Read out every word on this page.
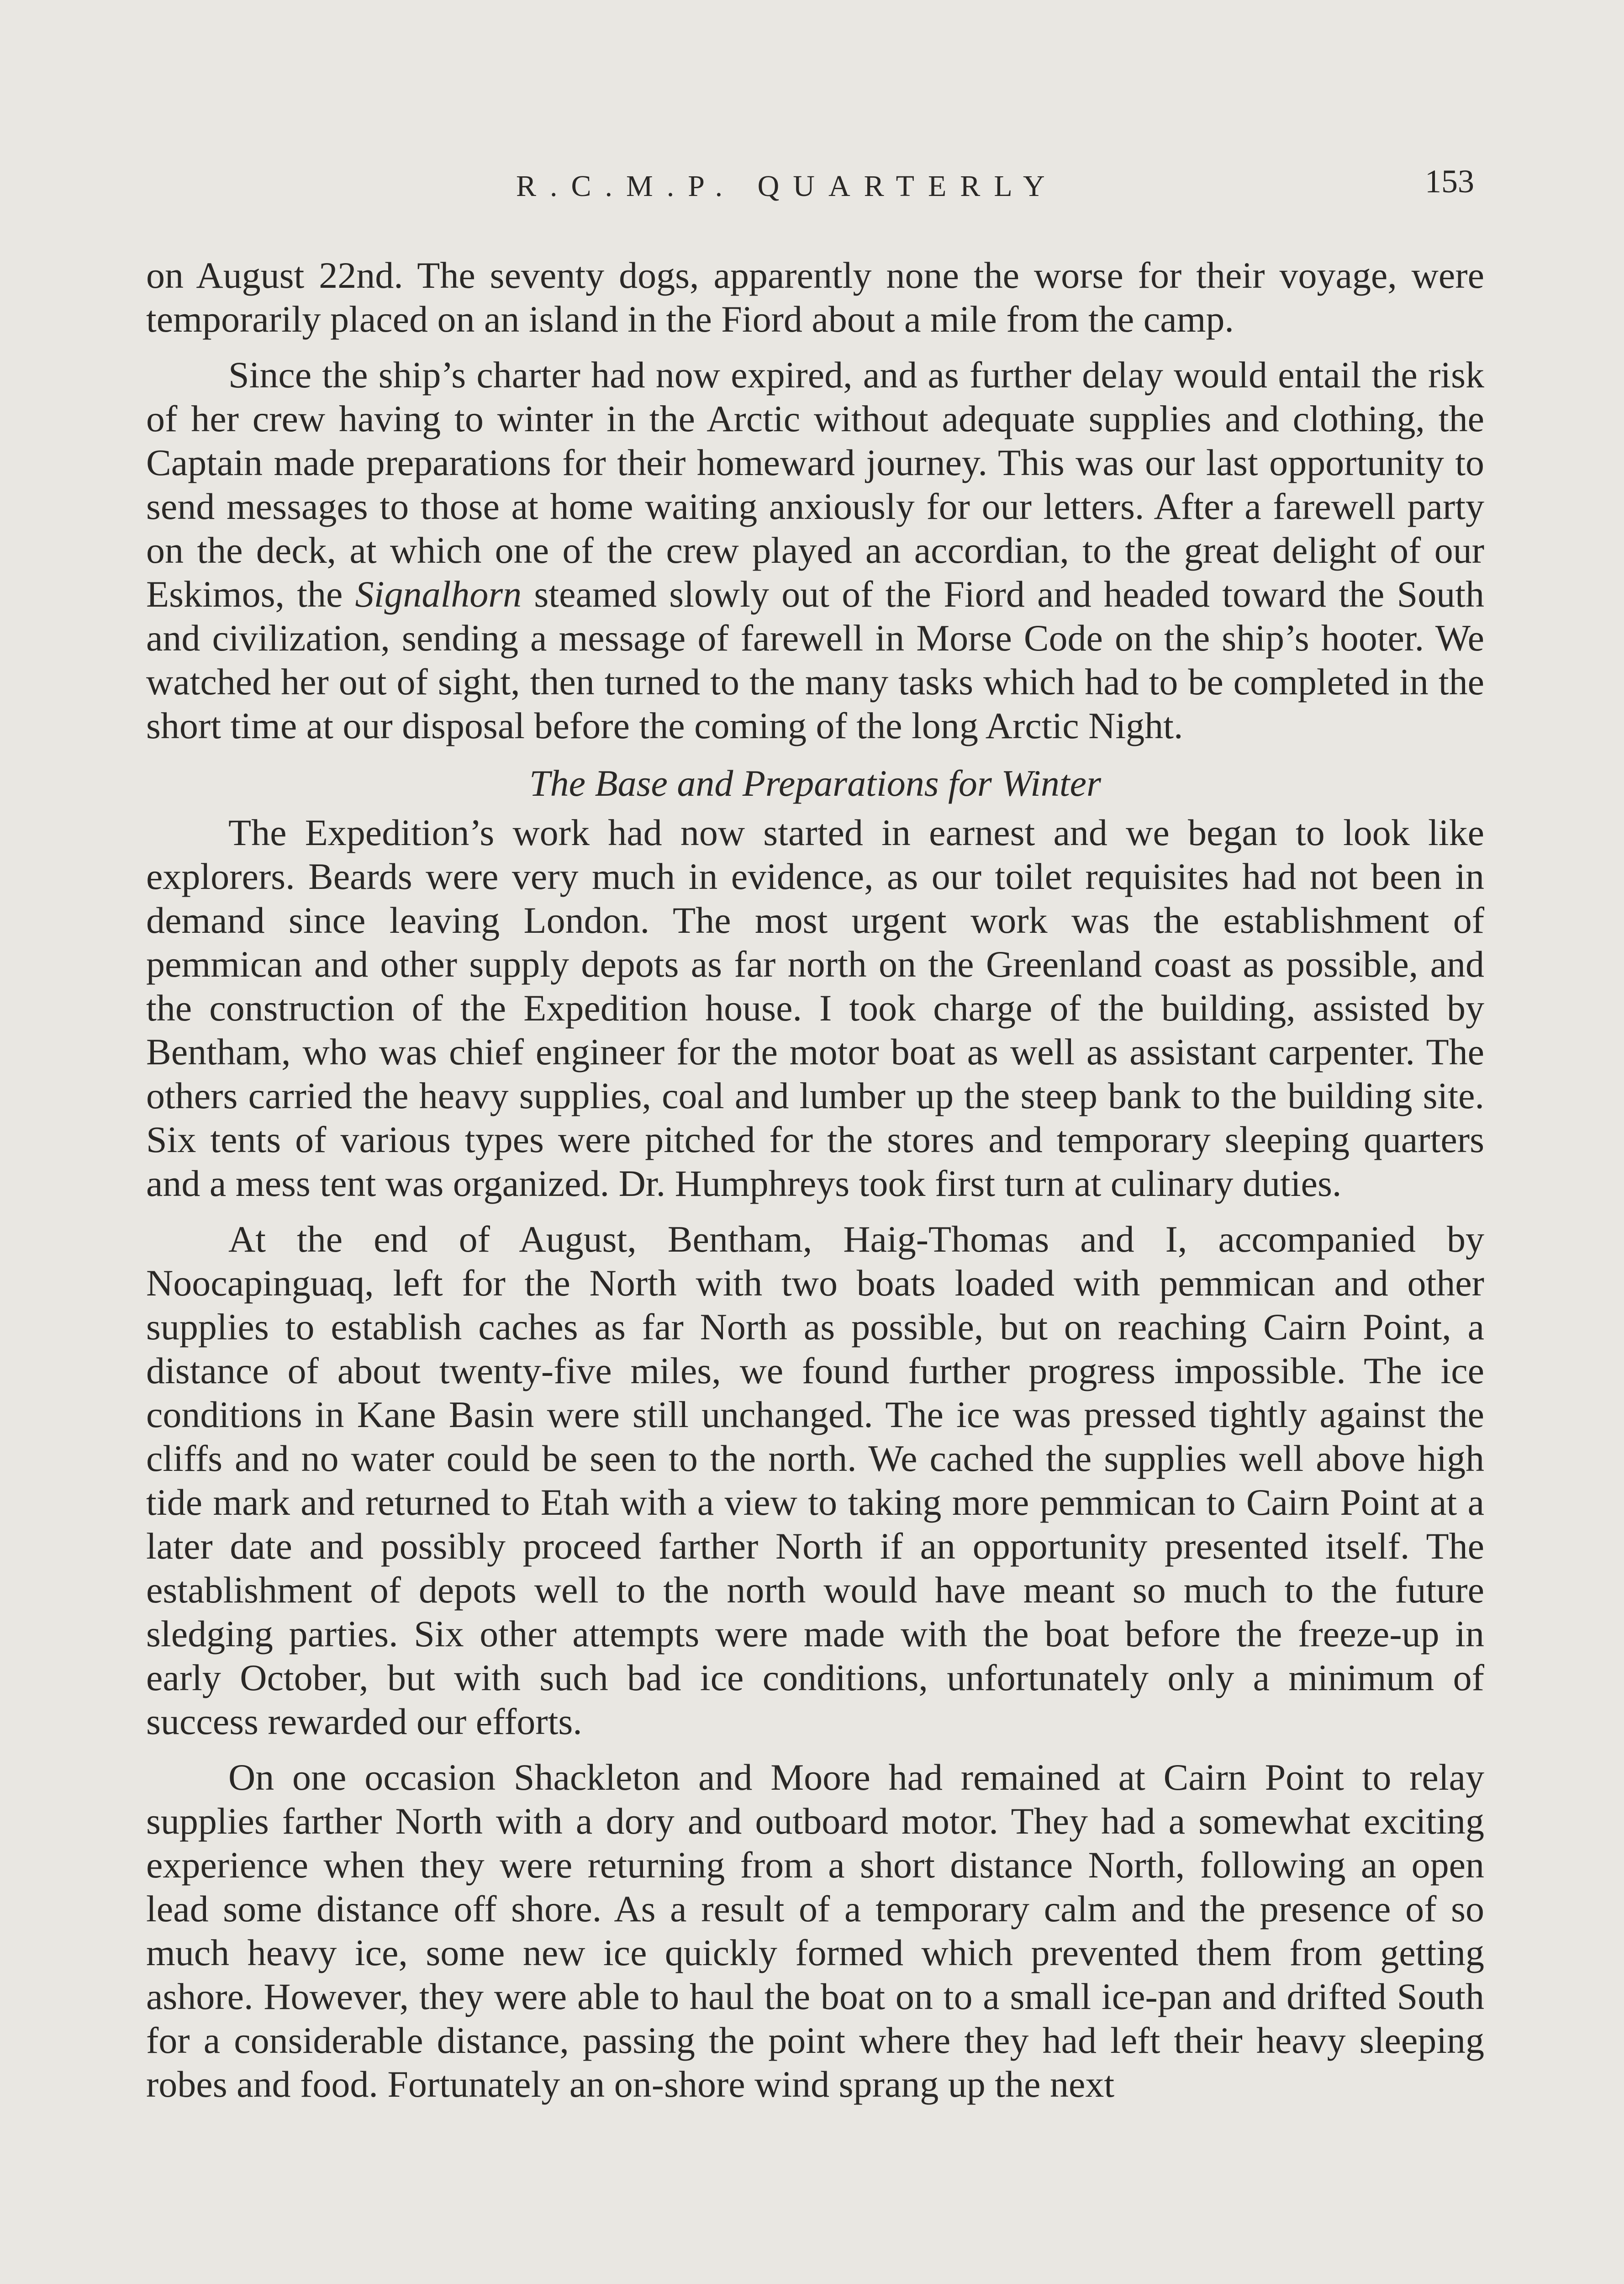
R.C.M.P. QUARTERLY	153

on August 22nd. The seventy dogs, apparently none the worse for their voyage, were temporarily placed on an island in the Fiord about a mile from the camp.

Since the ship’s charter had now expired, and as further delay would entail the risk of her crew having to winter in the Arctic without adequate supplies and clothing, the Captain made preparations for their homeward journey. This was our last opportunity to send messages to those at home waiting anxiously for our letters. After a farewell party on the deck, at which one of the crew played an accordian, to the great delight of our Eskimos, the Signalhorn steamed slowly out of the Fiord and headed toward the South and civilization, sending a message of farewell in Morse Code on the ship’s hooter. We watched her out of sight, then turned to the many tasks which had to be completed in the short time at our disposal before the coming of the long Arctic Night.

The Base and Preparations for Winter

The Expedition’s work had now started in earnest and we began to look like explorers. Beards were very much in evidence, as our toilet requisites had not been in demand since leaving London. The most urgent work was the establishment of pemmican and other supply depots as far north on the Greenland coast as possible, and the construction of the Expedition house. I took charge of the building, assisted by Bentham, who was chief engineer for the motor boat as well as assistant carpenter. The others carried the heavy supplies, coal and lumber up the steep bank to the building site. Six tents of various types were pitched for the stores and temporary sleeping quarters and a mess tent was organized. Dr. Humphreys took first turn at culinary duties.

At the end of August, Bentham, Haig-Thomas and I, accompanied by Noocapinguaq, left for the North with two boats loaded with pemmican and other supplies to establish caches as far North as possible, but on reaching Cairn Point, a distance of about twenty-five miles, we found further progress impossible. The ice conditions in Kane Basin were still unchanged. The ice was pressed tightly against the cliffs and no water could be seen to the north. We cached the supplies well above high tide mark and returned to Etah with a view to taking more pemmican to Cairn Point at a later date and possibly proceed farther North if an opportunity presented itself. The establishment of depots well to the north would have meant so much to the future sledging parties. Six other attempts were made with the boat before the freeze-up in early October, but with such bad ice conditions, unfortunately only a minimum of success rewarded our efforts.

On one occasion Shackleton and Moore had remained at Cairn Point to relay supplies farther North with a dory and outboard motor. They had a somewhat exciting experience when they were returning from a short distance North, following an open lead some distance off shore. As a result of a temporary calm and the presence of so much heavy ice, some new ice quickly formed which prevented them from getting ashore. However, they were able to haul the boat on to a small ice-pan and drifted South for a considerable distance, passing the point where they had left their heavy sleeping robes and food. Fortunately an on-shore wind sprang up the next
